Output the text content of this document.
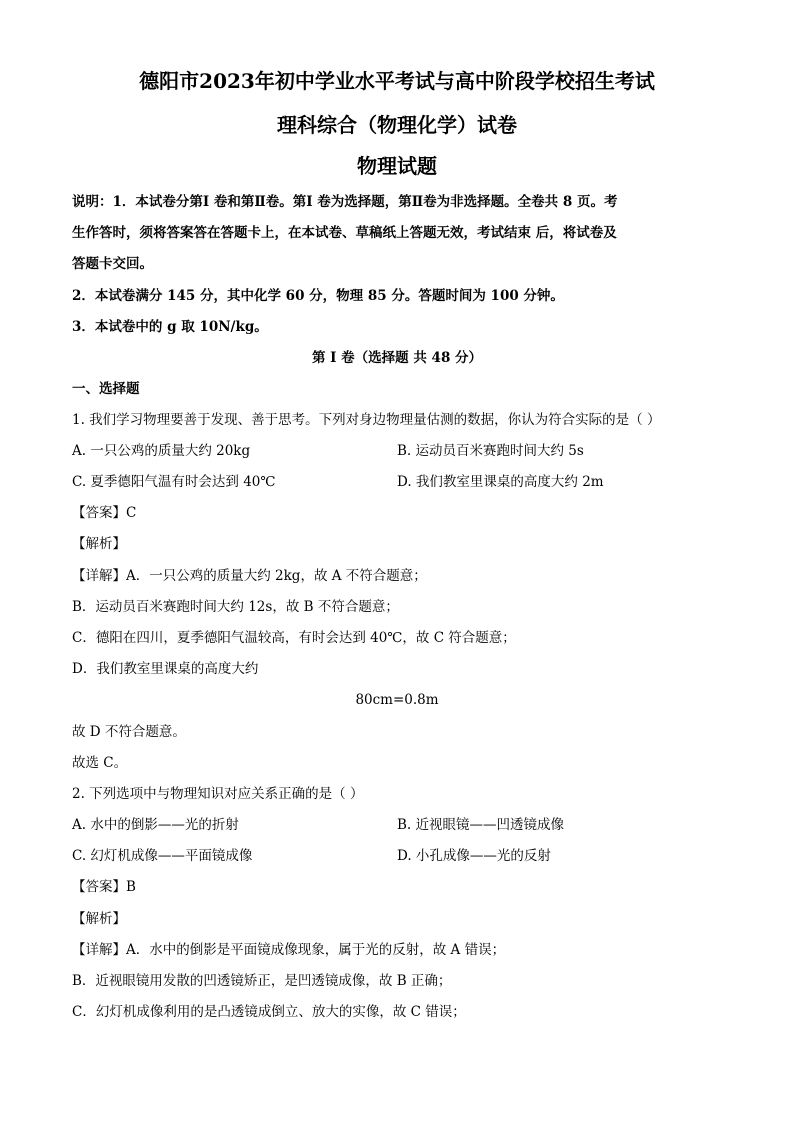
德阳市2023年初中学业水平考试与高中阶段学校招生考试
理科综合（物理化学）试卷
物理试题
说明：1．本试卷分第Ⅰ 卷和第Ⅱ卷。第Ⅰ 卷为选择题，第Ⅱ卷为非选择题。全卷共 8 页。考
生作答时，须将答案答在答题卡上，在本试卷、草稿纸上答题无效，考试结束 后，将试卷及
答题卡交回。
2．本试卷满分 145 分，其中化学 60 分，物理 85 分。答题时间为 100 分钟。
3．本试卷中的 g 取 10N/kg。
第 I 卷（选择题 共 48 分）
一、选择题
1. 我们学习物理要善于发现、善于思考。下列对身边物理量估测的数据，你认为符合实际的是（ ）
A. 一只公鸡的质量大约 20kg	B. 运动员百米赛跑时间大约 5s
C. 夏季德阳气温有时会达到 40℃	D. 我们教室里课桌的高度大约 2m
【答案】C
【解析】
【详解】A．一只公鸡的质量大约 2kg，故 A 不符合题意；
B．运动员百米赛跑时间大约 12s，故 B 不符合题意；
C．德阳在四川，夏季德阳气温较高，有时会达到 40℃，故 C 符合题意；
D．我们教室里课桌的高度大约
80cm=0.8m
故 D 不符合题意。
故选 C。
2. 下列选项中与物理知识对应关系正确的是（ ）
A. 水中的倒影——光的折射	B. 近视眼镜——凹透镜成像
C. 幻灯机成像——平面镜成像	D. 小孔成像——光的反射
【答案】B
【解析】
【详解】A．水中的倒影是平面镜成像现象，属于光的反射，故 A 错误；
B．近视眼镜用发散的凹透镜矫正，是凹透镜成像，故 B 正确；
C．幻灯机成像利用的是凸透镜成倒立、放大的实像，故 C 错误；
